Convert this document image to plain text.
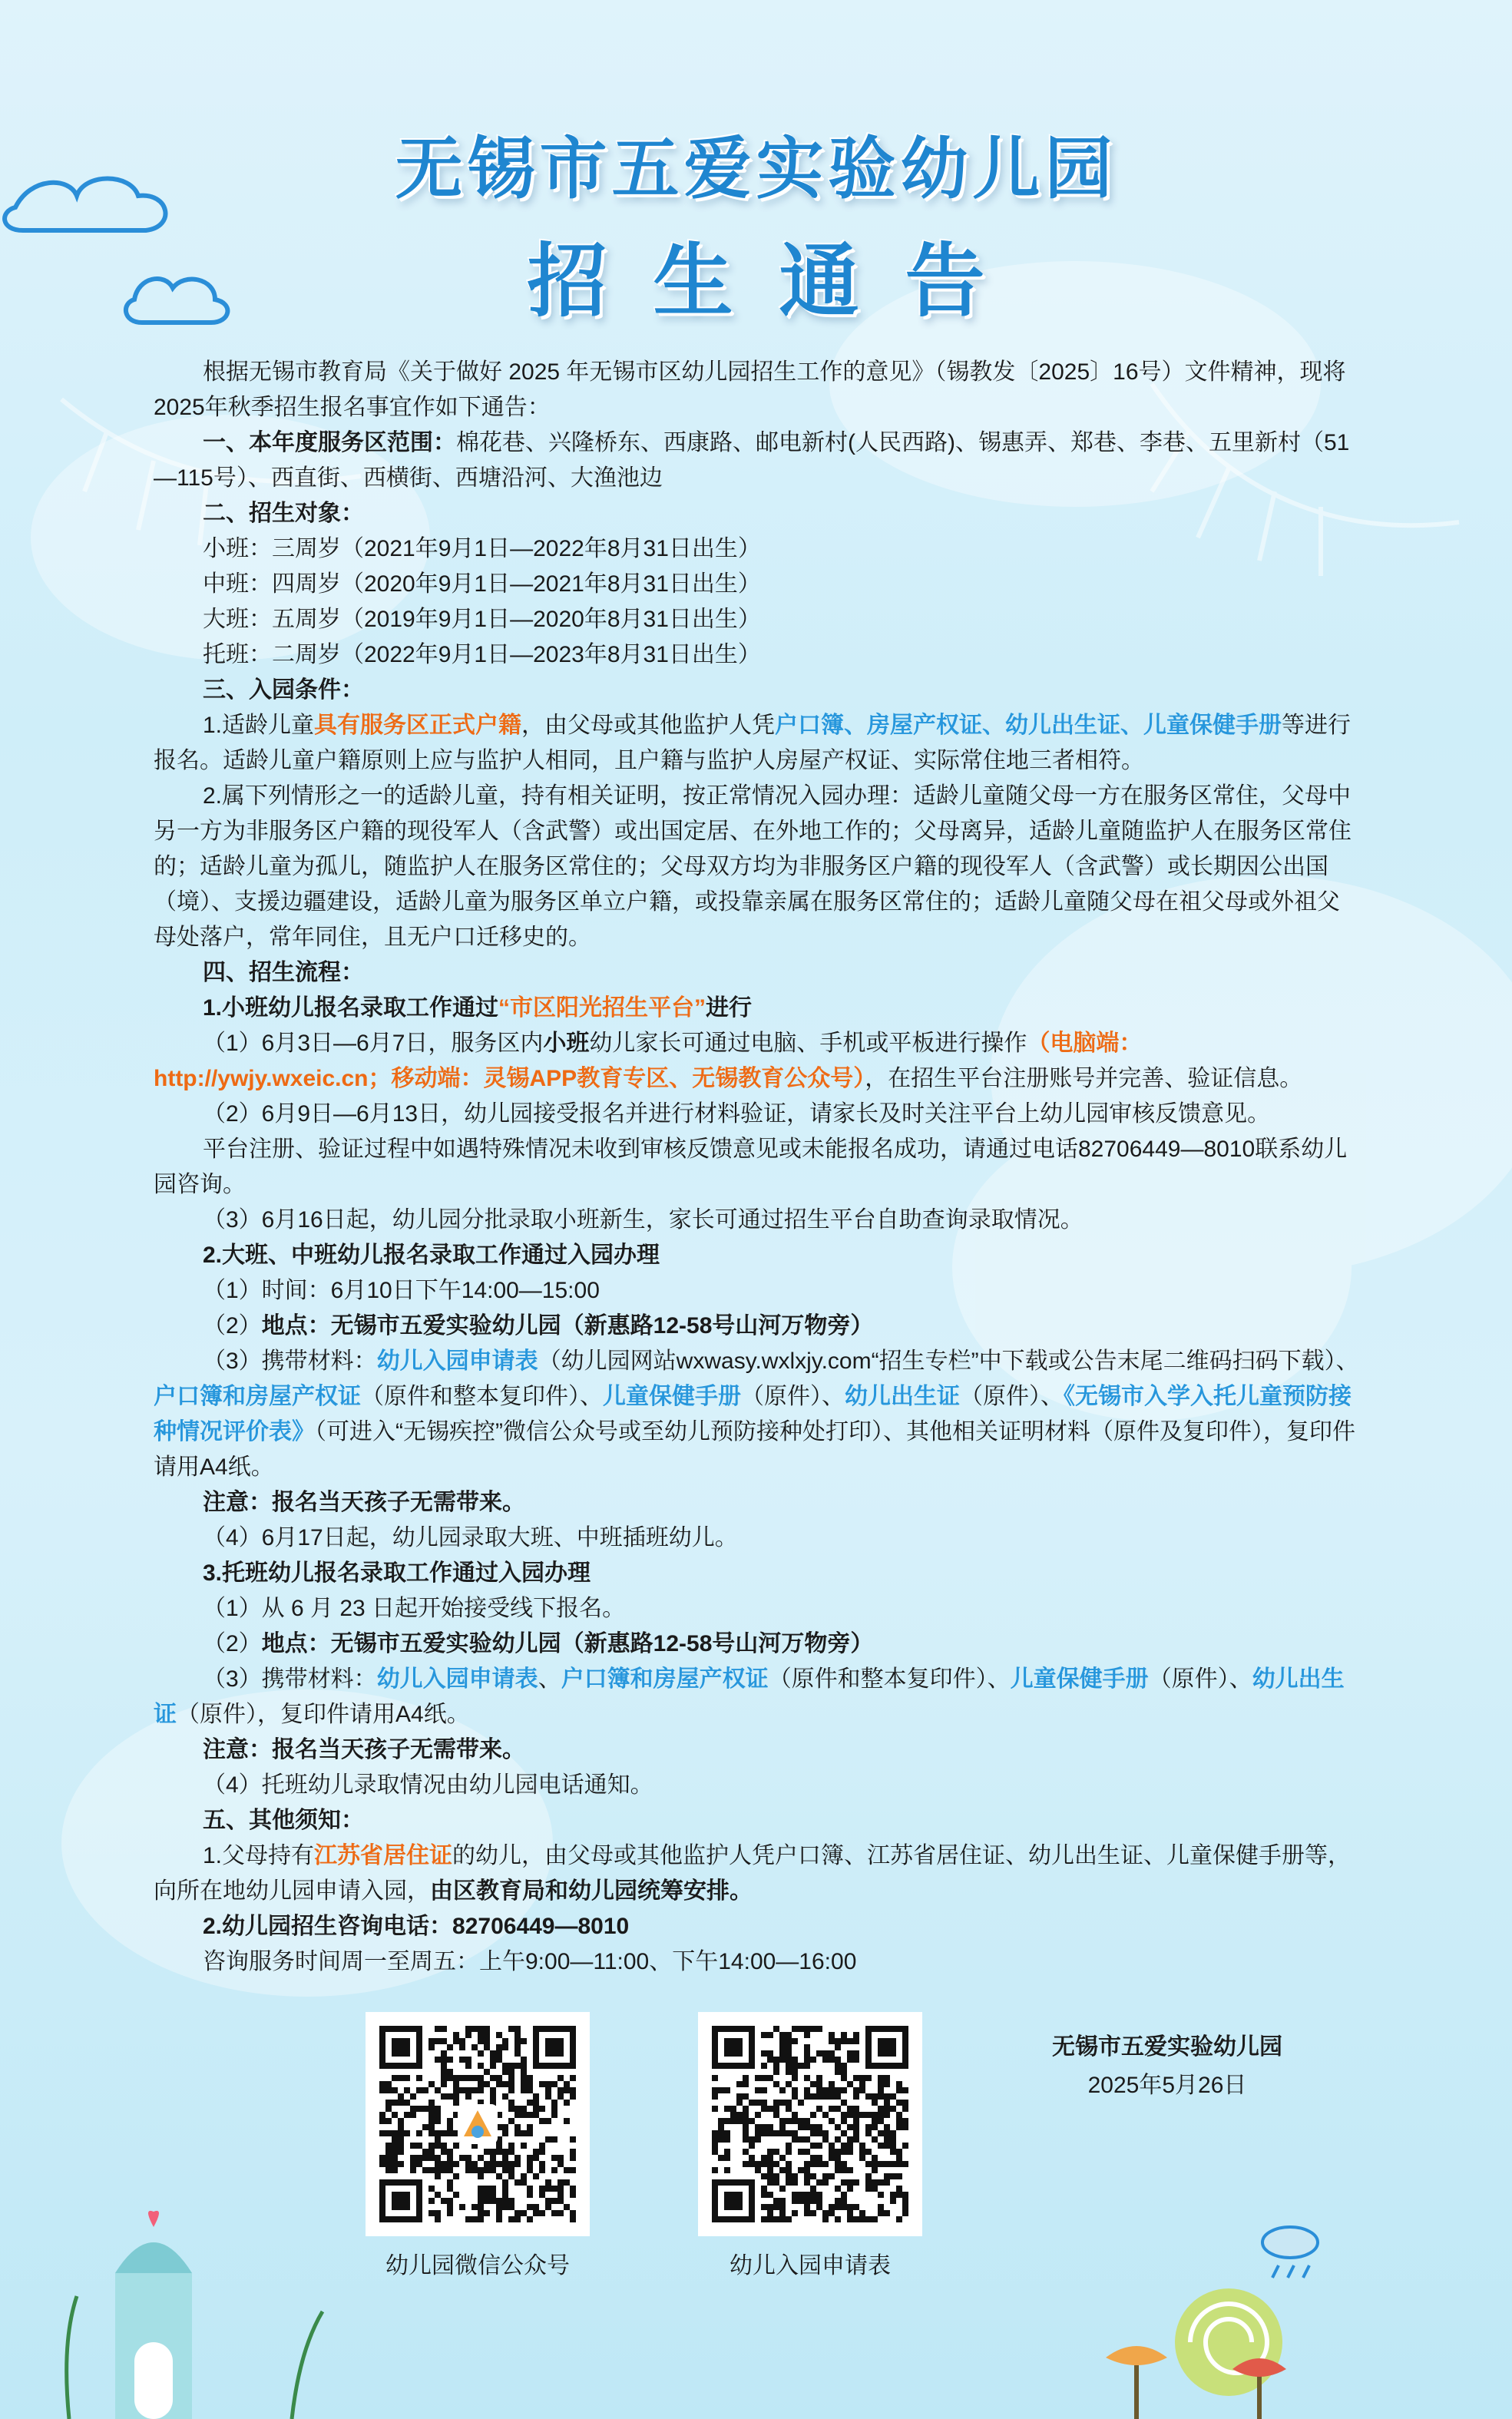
无锡市五爱实验幼儿园
招生通告

根据无锡市教育局《关于做好 2025 年无锡市区幼儿园招生工作的意见》（锡教发〔2025〕16号）文件精神，现将2025年秋季招生报名事宜作如下通告：

一、本年度服务区范围：棉花巷、兴隆桥东、西康路、邮电新村(人民西路)、锡惠弄、郑巷、李巷、五里新村（51—115号）、西直街、西横街、西塘沿河、大渔池边

二、招生对象：

小班：三周岁（2021年9月1日—2022年8月31日出生）

中班：四周岁（2020年9月1日—2021年8月31日出生）

大班：五周岁（2019年9月1日—2020年8月31日出生）

托班：二周岁（2022年9月1日—2023年8月31日出生）

三、入园条件：

1.适龄儿童具有服务区正式户籍，由父母或其他监护人凭户口簿、房屋产权证、幼儿出生证、儿童保健手册等进行报名。适龄儿童户籍原则上应与监护人相同，且户籍与监护人房屋产权证、实际常住地三者相符。

2.属下列情形之一的适龄儿童，持有相关证明，按正常情况入园办理：适龄儿童随父母一方在服务区常住，父母中另一方为非服务区户籍的现役军人（含武警）或出国定居、在外地工作的；父母离异，适龄儿童随监护人在服务区常住的；适龄儿童为孤儿，随监护人在服务区常住的；父母双方均为非服务区户籍的现役军人（含武警）或长期因公出国（境）、支援边疆建设，适龄儿童为服务区单立户籍，或投靠亲属在服务区常住的；适龄儿童随父母在祖父母或外祖父母处落户，常年同住，且无户口迁移史的。

四、招生流程：

1.小班幼儿报名录取工作通过“市区阳光招生平台”进行

（1）6月3日—6月7日，服务区内小班幼儿家长可通过电脑、手机或平板进行操作（电脑端：http://ywjy.wxeic.cn；移动端：灵锡APP教育专区、无锡教育公众号），在招生平台注册账号并完善、验证信息。

（2）6月9日—6月13日，幼儿园接受报名并进行材料验证，请家长及时关注平台上幼儿园审核反馈意见。

平台注册、验证过程中如遇特殊情况未收到审核反馈意见或未能报名成功，请通过电话82706449—8010联系幼儿园咨询。

（3）6月16日起，幼儿园分批录取小班新生，家长可通过招生平台自助查询录取情况。

2.大班、中班幼儿报名录取工作通过入园办理

（1）时间：6月10日下午14:00—15:00

（2）地点：无锡市五爱实验幼儿园（新惠路12-58号山河万物旁）

（3）携带材料：幼儿入园申请表（幼儿园网站wxwasy.wxlxjy.com“招生专栏”中下载或公告末尾二维码扫码下载）、户口簿和房屋产权证（原件和整本复印件）、儿童保健手册（原件）、幼儿出生证（原件）、《无锡市入学入托儿童预防接种情况评价表》（可进入“无锡疾控”微信公众号或至幼儿预防接种处打印）、其他相关证明材料（原件及复印件），复印件请用A4纸。

注意：报名当天孩子无需带来。

（4）6月17日起，幼儿园录取大班、中班插班幼儿。

3.托班幼儿报名录取工作通过入园办理

（1）从 6 月 23 日起开始接受线下报名。

（2）地点：无锡市五爱实验幼儿园（新惠路12-58号山河万物旁）

（3）携带材料：幼儿入园申请表、户口簿和房屋产权证（原件和整本复印件）、儿童保健手册（原件）、幼儿出生证（原件），复印件请用A4纸。

注意：报名当天孩子无需带来。

（4）托班幼儿录取情况由幼儿园电话通知。

五、其他须知：

1.父母持有江苏省居住证的幼儿，由父母或其他监护人凭户口簿、江苏省居住证、幼儿出生证、儿童保健手册等，向所在地幼儿园申请入园，由区教育局和幼儿园统筹安排。

2.幼儿园招生咨询电话：82706449—8010

咨询服务时间周一至周五：上午9:00—11:00、下午14:00—16:00

幼儿园微信公众号	幼儿入园申请表
无锡市五爱实验幼儿园
2025年5月26日
